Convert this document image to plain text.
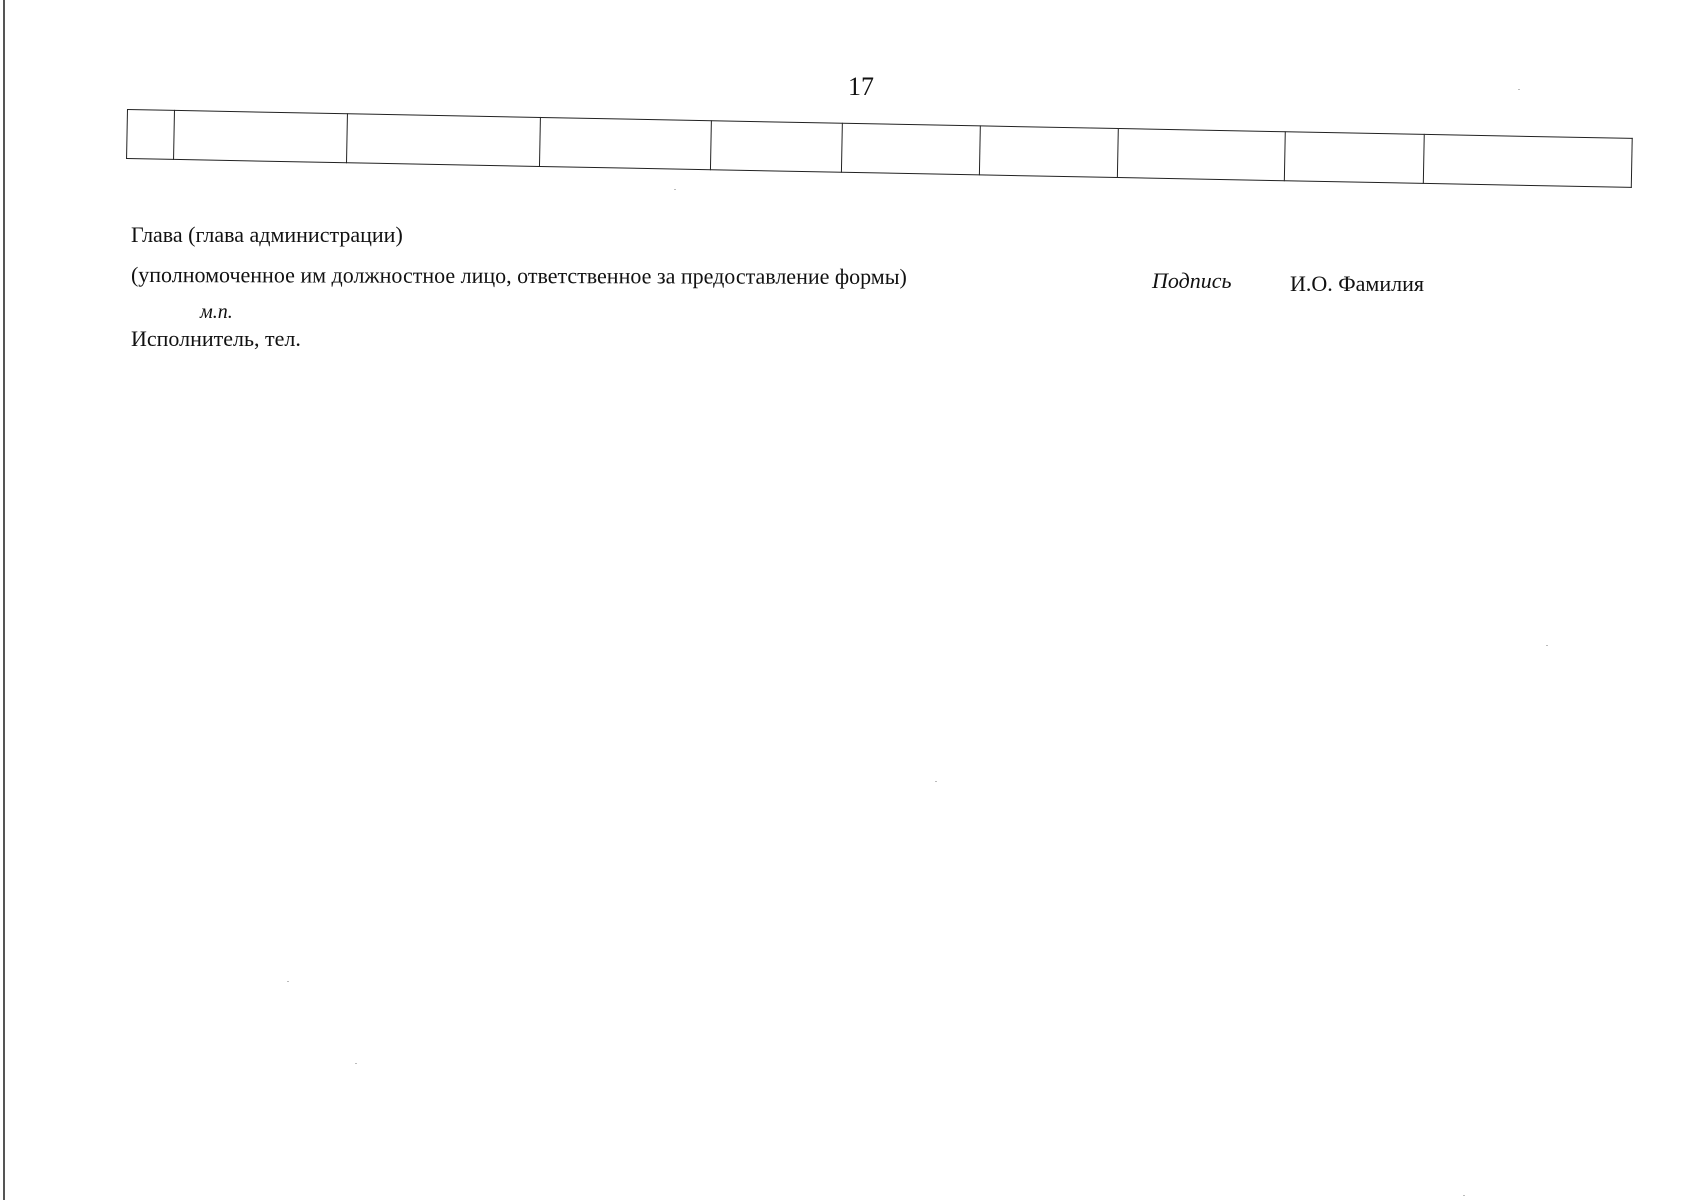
17

Глава (глава администрации)
(уполномоченное им должностное лицо, ответственное за предоставление формы)	Подпись	И.О. Фамилия
м.п.
Исполнитель, тел.
